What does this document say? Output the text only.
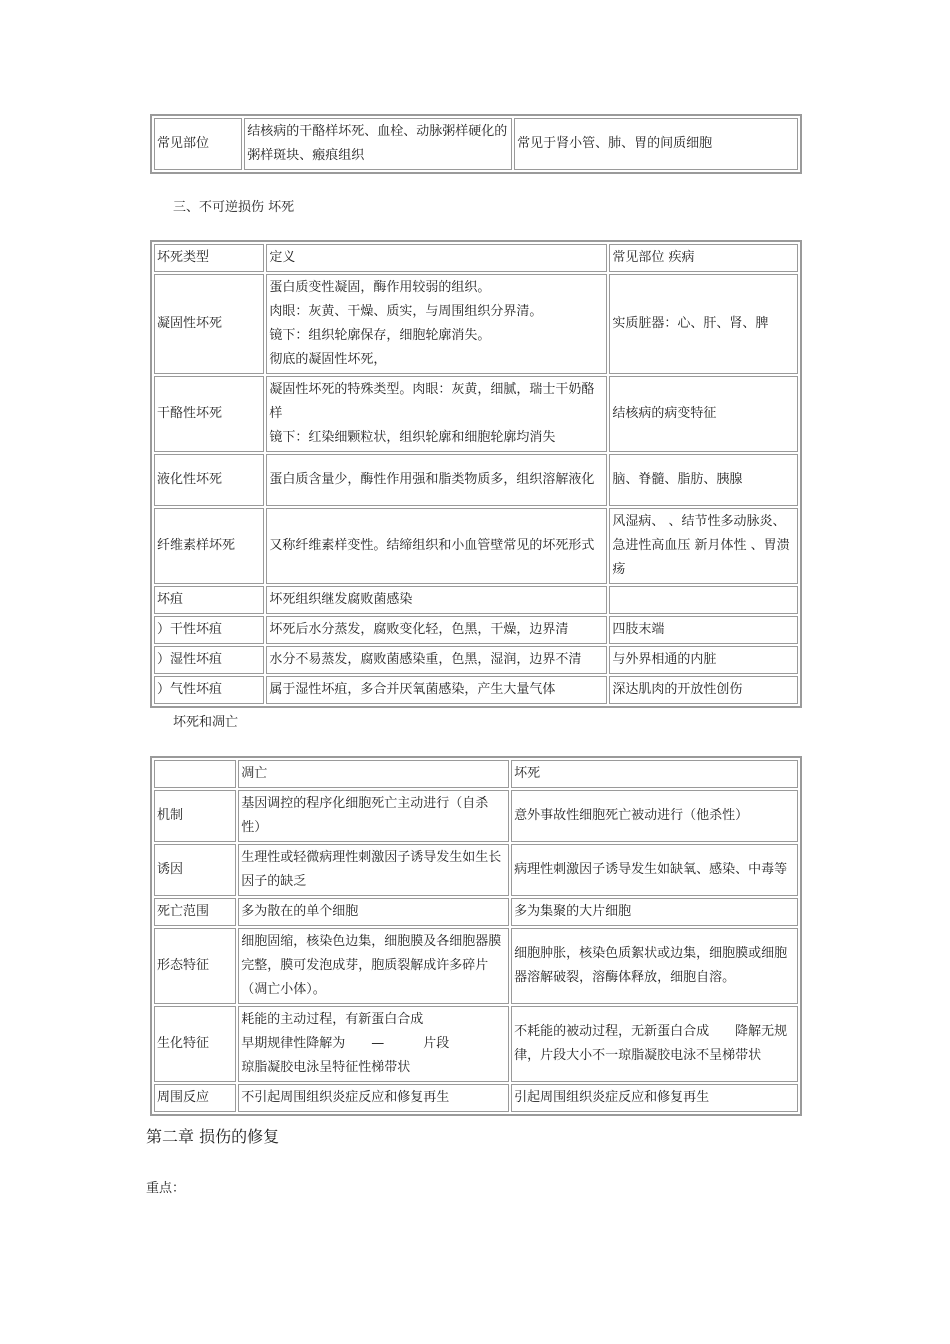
常见部位	结核病的干酪样坏死、血栓、动脉粥样硬化的粥样斑块、瘢痕组织	常见于肾小管、肺、胃的间质细胞
三、不可逆损伤 坏死
坏死类型	定义	常见部位 疾病
凝固性坏死	蛋白质变性凝固，酶作用较弱的组织。
肉眼：灰黄、干燥、质实，与周围组织分界清。
镜下：组织轮廓保存，细胞轮廓消失。
彻底的凝固性坏死，	实质脏器：心、肝、肾、脾
干酪性坏死	凝固性坏死的特殊类型。肉眼：灰黄，细腻，瑞士干奶酪样
镜下：红染细颗粒状，组织轮廓和细胞轮廓均消失	结核病的病变特征
液化性坏死	蛋白质含量少，酶性作用强和脂类物质多，组织溶解液化	脑、脊髓、脂肪、胰腺
纤维素样坏死	又称纤维素样变性。结缔组织和小血管壁常见的坏死形式	风湿病、 、结节性多动脉炎、急进性高血压 新月体性 、胃溃疡
坏疽	坏死组织继发腐败菌感染	
）干性坏疽	坏死后水分蒸发，腐败变化轻，色黑，干燥，边界清	四肢末端
）湿性坏疽	水分不易蒸发，腐败菌感染重，色黑，湿润，边界不清	与外界相通的内脏
）气性坏疽	属于湿性坏疽，多合并厌氧菌感染，产生大量气体	深达肌肉的开放性创伤
坏死和凋亡
	凋亡	坏死
机制	基因调控的程序化细胞死亡主动进行（自杀性）	意外事故性细胞死亡被动进行（他杀性）
诱因	生理性或轻微病理性刺激因子诱导发生如生长因子的缺乏	病理性刺激因子诱导发生如缺氧、感染、中毒等
死亡范围	多为散在的单个细胞	多为集聚的大片细胞
形态特征	细胞固缩，核染色边集，细胞膜及各细胞器膜完整，膜可发泡成芽，胞质裂解成许多碎片（凋亡小体）。	细胞肿胀，核染色质絮状或边集，细胞膜或细胞器溶解破裂，溶酶体释放，细胞自溶。
生化特征	耗能的主动过程，有新蛋白合成
早期规律性降解为　　—　　　片段
琼脂凝胶电泳呈特征性梯带状	不耗能的被动过程，无新蛋白合成　　降解无规律，片段大小不一琼脂凝胶电泳不呈梯带状
周围反应	不引起周围组织炎症反应和修复再生	引起周围组织炎症反应和修复再生
第二章 损伤的修复
重点：
